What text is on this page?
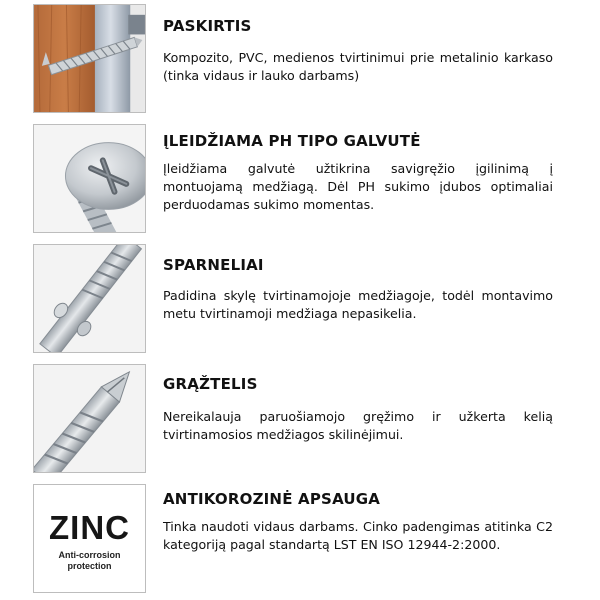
PASKIRTIS
Kompozito, PVC, medienos tvirtinimui prie metalinio karkaso (tinka vidaus ir lauko darbams)
ĮLEIDŽIAMA PH TIPO GALVUTĖ
Įleidžiama galvutė užtikrina savigręžio įgilinimą į montuojamą medžiagą. Dėl PH sukimo įdubos optimaliai perduodamas sukimo momentas.
SPARNELIAI
Padidina skylę tvirtinamojoje medžiagoje, todėl montavimo metu tvirtinamoji medžiaga nepasikelia.
GRĄŽTELIS
Nereikalauja paruošiamojo gręžimo ir užkerta kelią tvirtinamosios medžiagos skilinėjimui.
ZINC
Anti-corrosion
protection
ANTIKOROZINĖ APSAUGA
Tinka naudoti vidaus darbams. Cinko padengimas atitinka C2 kategoriją pagal standartą LST EN ISO 12944-2:2000.
